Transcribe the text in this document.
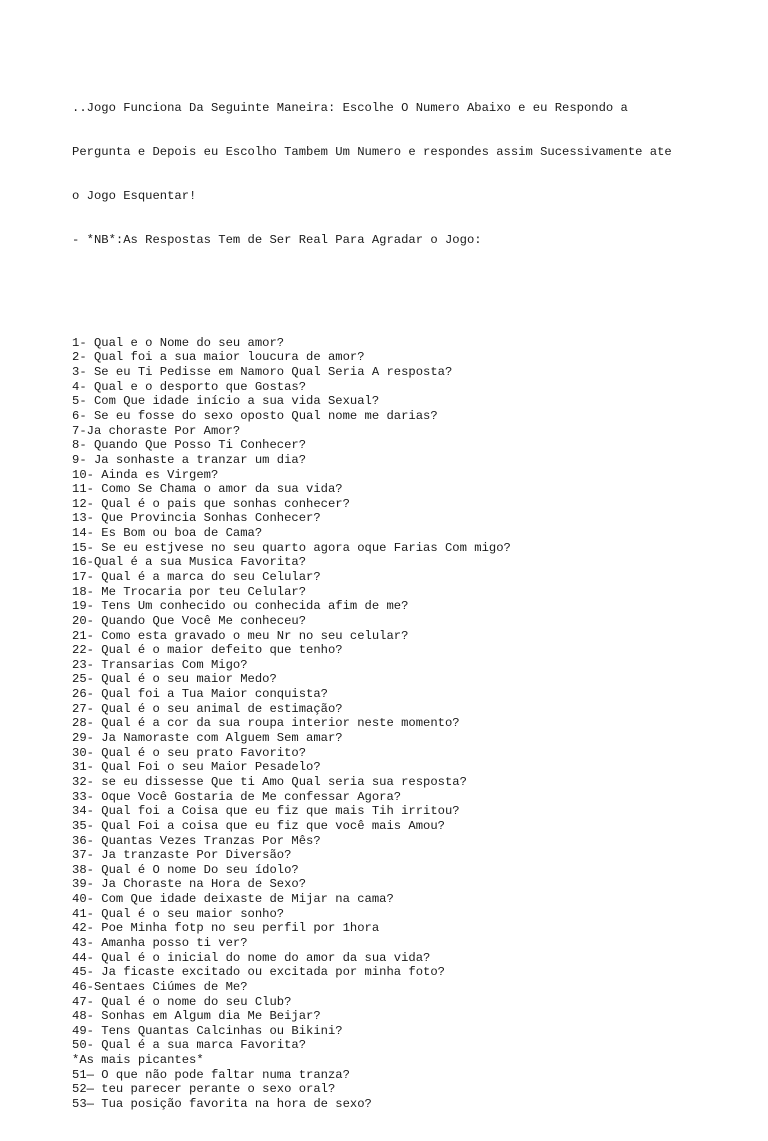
..Jogo Funciona Da Seguinte Maneira: Escolhe O Numero Abaixo e eu Respondo a

Pergunta e Depois eu Escolho Tambem Um Numero e respondes assim Sucessivamente ate

o Jogo Esquentar!

- *NB*:As Respostas Tem de Ser Real Para Agradar o Jogo:

1- Qual e o Nome do seu amor?
2- Qual foi a sua maior loucura de amor?
3- Se eu Ti Pedisse em Namoro Qual Seria A resposta?
4- Qual e o desporto que Gostas?
5- Com Que idade início a sua vida Sexual?
6- Se eu fosse do sexo oposto Qual nome me darias?
7-Ja choraste Por Amor?
8- Quando Que Posso Ti Conhecer?
9- Ja sonhaste a tranzar um dia?
10- Ainda es Virgem?
11- Como Se Chama o amor da sua vida?
12- Qual é o pais que sonhas conhecer?
13- Que Provincia Sonhas Conhecer?
14- Es Bom ou boa de Cama?
15- Se eu estjvese no seu quarto agora oque Farias Com migo?
16-Qual é a sua Musica Favorita?
17- Qual é a marca do seu Celular?
18- Me Trocaria por teu Celular?
19- Tens Um conhecido ou conhecida afim de me?
20- Quando Que Você Me conheceu?
21- Como esta gravado o meu Nr no seu celular?
22- Qual é o maior defeito que tenho?
23- Transarias Com Migo?
25- Qual é o seu maior Medo?
26- Qual foi a Tua Maior conquista?
27- Qual é o seu animal de estimação?
28- Qual é a cor da sua roupa interior neste momento?
29- Ja Namoraste com Alguem Sem amar?
30- Qual é o seu prato Favorito?
31- Qual Foi o seu Maior Pesadelo?
32- se eu dissesse Que ti Amo Qual seria sua resposta?
33- Oque Você Gostaria de Me confessar Agora?
34- Qual foi a Coisa que eu fiz que mais Tih irritou?
35- Qual Foi a coisa que eu fiz que você mais Amou?
36- Quantas Vezes Tranzas Por Mês?
37- Ja tranzaste Por Diversão?
38- Qual é O nome Do seu ídolo?
39- Ja Choraste na Hora de Sexo?
40- Com Que idade deixaste de Mijar na cama?
41- Qual é o seu maior sonho?
42- Poe Minha fotp no seu perfil por 1hora
43- Amanha posso ti ver?
44- Qual é o inicial do nome do amor da sua vida?
45- Ja ficaste excitado ou excitada por minha foto?
46-Sentaes Ciúmes de Me?
47- Qual é o nome do seu Club?
48- Sonhas em Algum dia Me Beijar?
49- Tens Quantas Calcinhas ou Bikini?
50- Qual é a sua marca Favorita?
*As mais picantes*
51— O que não pode faltar numa tranza?
52— teu parecer perante o sexo oral?
53— Tua posição favorita na hora de sexo?
